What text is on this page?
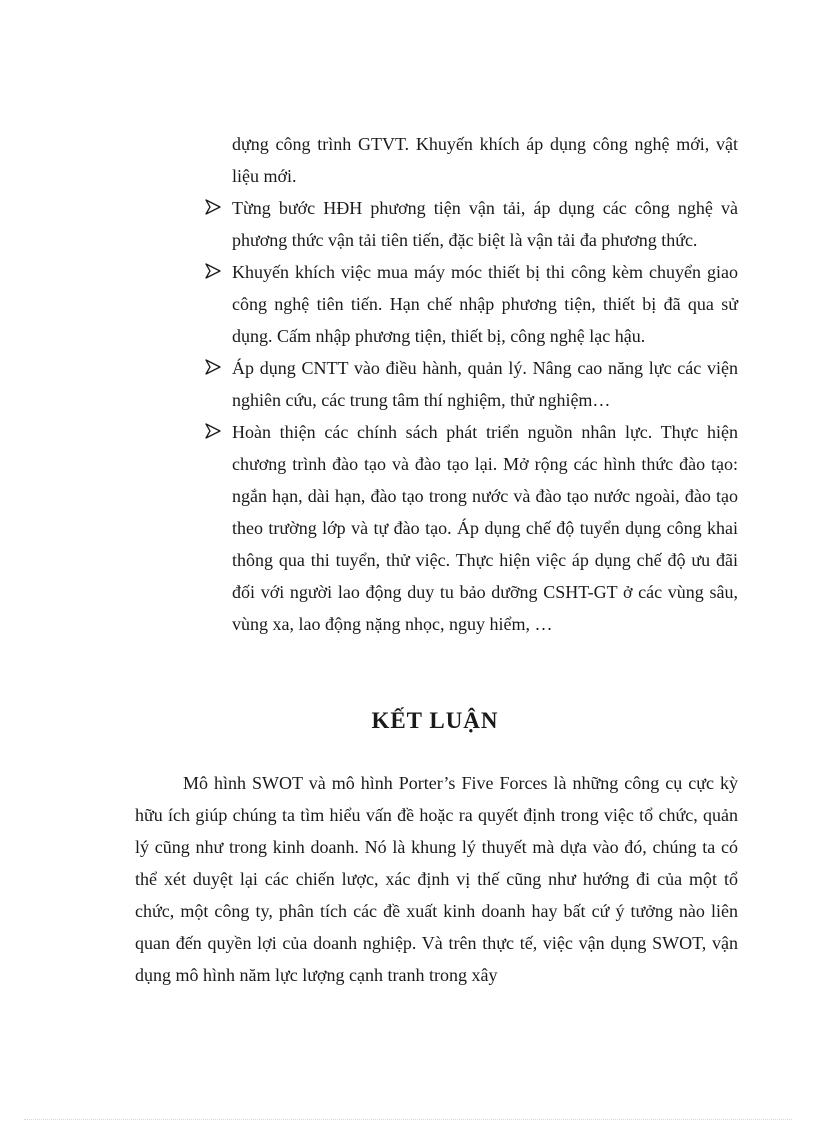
dựng công trình GTVT. Khuyến khích áp dụng công nghệ mới, vật liệu mới.

Từng bước HĐH phương tiện vận tải, áp dụng các công nghệ và phương thức vận tải tiên tiến, đặc biệt là vận tải đa phương thức.

Khuyến khích việc mua máy móc thiết bị thi công kèm chuyển giao công nghệ tiên tiến. Hạn chế nhập phương tiện, thiết bị đã qua sử dụng. Cấm nhập phương tiện, thiết bị, công nghệ lạc hậu.

Áp dụng CNTT vào điều hành, quản lý. Nâng cao năng lực các viện nghiên cứu, các trung tâm thí nghiệm, thử nghiệm…

Hoàn thiện các chính sách phát triển nguồn nhân lực. Thực hiện chương trình đào tạo và đào tạo lại. Mở rộng các hình thức đào tạo: ngắn hạn, dài hạn, đào tạo trong nước và đào tạo nước ngoài, đào tạo theo trường lớp và tự đào tạo. Áp dụng chế độ tuyển dụng công khai thông qua thi tuyển, thử việc. Thực hiện việc áp dụng chế độ ưu đãi đối với người lao động duy tu bảo dưỡng CSHT-GT ở các vùng sâu, vùng xa, lao động nặng nhọc, nguy hiểm, …

KẾT LUẬN

Mô hình SWOT và mô hình Porter’s Five Forces là những công cụ cực kỳ hữu ích giúp chúng ta tìm hiểu vấn đề hoặc ra quyết định trong việc tổ chức, quản lý cũng như trong kinh doanh. Nó là khung lý thuyết mà dựa vào đó, chúng ta có thể xét duyệt lại các chiến lược, xác định vị thế cũng như hướng đi của một tổ chức, một công ty, phân tích các đề xuất kinh doanh hay bất cứ ý tưởng nào liên quan đến quyền lợi của doanh nghiệp. Và trên thực tế, việc vận dụng SWOT, vận dụng mô hình năm lực lượng cạnh tranh trong xây
